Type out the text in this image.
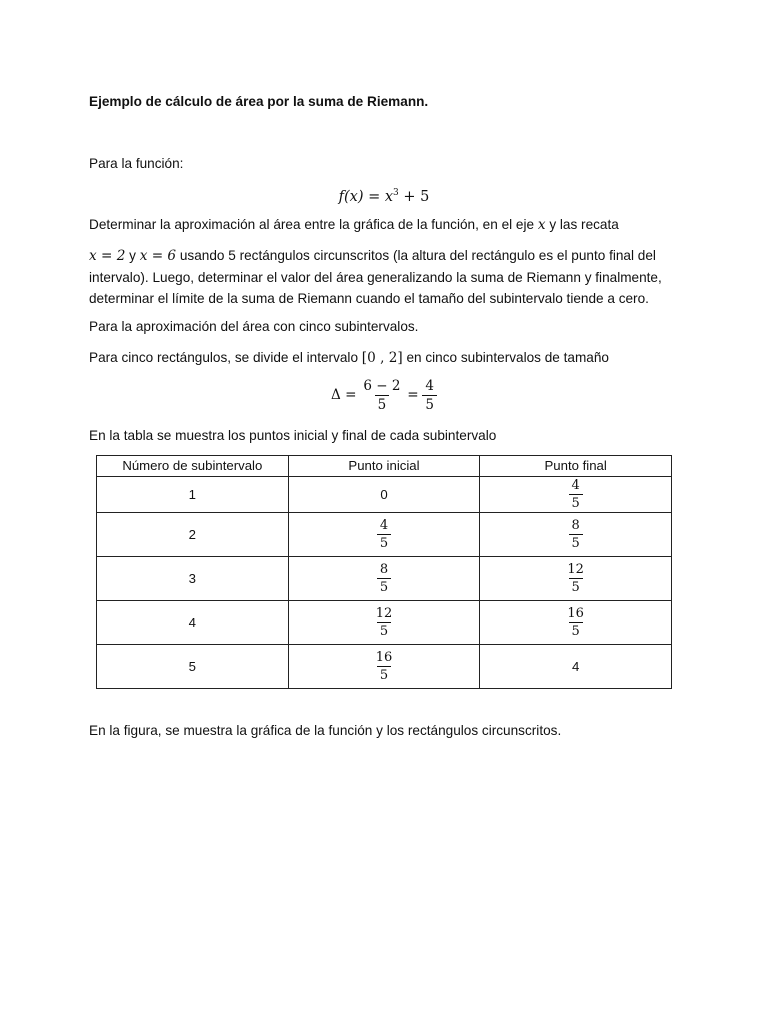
Ejemplo de cálculo de área por la suma de Riemann.

Para la función:

$f(x) = x^3 + 5$

Determinar la aproximación al área entre la gráfica de la función, en el eje x y las recata

x = 2 y x = 6 usando 5 rectángulos circunscritos (la altura del rectángulo es el punto final del intervalo). Luego, determinar el valor del área generalizando la suma de Riemann y finalmente, determinar el límite de la suma de Riemann cuando el tamaño del subintervalo tiende a cero.

Para la aproximación del área con cinco subintervalos.

Para cinco rectángulos, se divide el intervalo [0 , 2] en cinco subintervalos de tamaño

$\Delta = \frac{6 - 2}{5} = \frac{4}{5}$

En la tabla se muestra los puntos inicial y final de cada subintervalo

Número de subintervalo	Punto inicial	Punto final
1	0	$\frac{4}{5}$

2	$\frac{4}{5}$	$\frac{8}{5}$

3	$\frac{8}{5}$	$\frac{12}{5}$

4	$\frac{12}{5}$	$\frac{16}{5}$

5	$\frac{16}{5}$	4

En la figura, se muestra la gráfica de la función y los rectángulos circunscritos.
